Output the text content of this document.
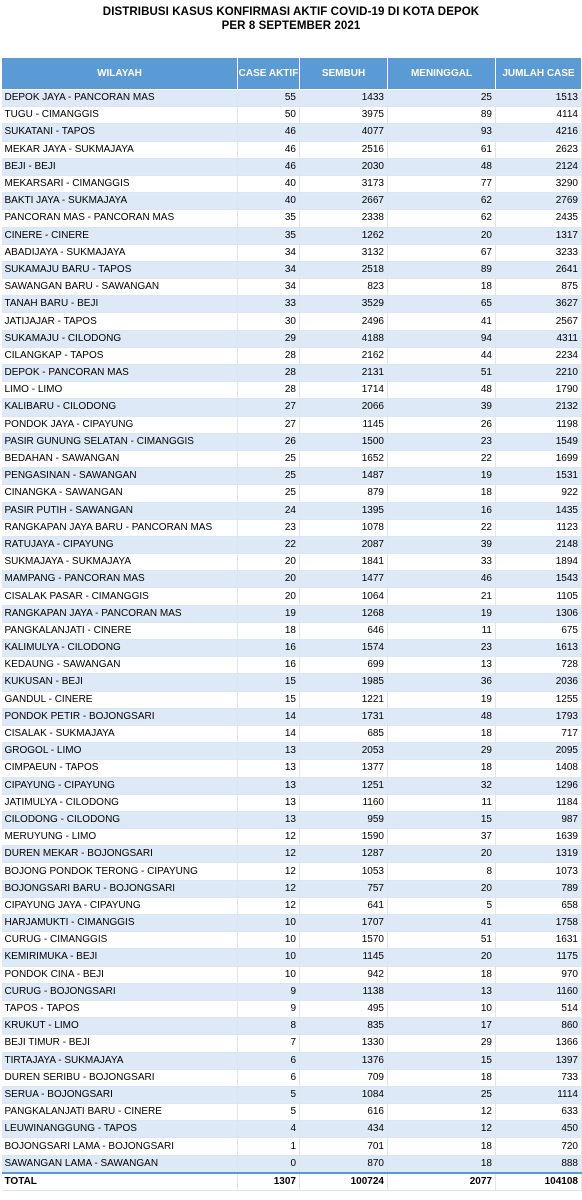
DISTRIBUSI KASUS KONFIRMASI AKTIF COVID-19 DI KOTA DEPOK
PER 8 SEPTEMBER 2021
WILAYAH	CASE AKTIF	SEMBUH	MENINGGAL	JUMLAH CASE
DEPOK JAYA - PANCORAN MAS	55	1433	25	1513
TUGU - CIMANGGIS	50	3975	89	4114
SUKATANI - TAPOS	46	4077	93	4216
MEKAR JAYA - SUKMAJAYA	46	2516	61	2623
BEJI - BEJI	46	2030	48	2124
MEKARSARI - CIMANGGIS	40	3173	77	3290
BAKTI JAYA - SUKMAJAYA	40	2667	62	2769
PANCORAN MAS - PANCORAN MAS	35	2338	62	2435
CINERE - CINERE	35	1262	20	1317
ABADIJAYA - SUKMAJAYA	34	3132	67	3233
SUKAMAJU BARU - TAPOS	34	2518	89	2641
SAWANGAN BARU - SAWANGAN	34	823	18	875
TANAH BARU - BEJI	33	3529	65	3627
JATIJAJAR - TAPOS	30	2496	41	2567
SUKAMAJU - CILODONG	29	4188	94	4311
CILANGKAP - TAPOS	28	2162	44	2234
DEPOK - PANCORAN MAS	28	2131	51	2210
LIMO - LIMO	28	1714	48	1790
KALIBARU - CILODONG	27	2066	39	2132
PONDOK JAYA - CIPAYUNG	27	1145	26	1198
PASIR GUNUNG SELATAN - CIMANGGIS	26	1500	23	1549
BEDAHAN - SAWANGAN	25	1652	22	1699
PENGASINAN - SAWANGAN	25	1487	19	1531
CINANGKA - SAWANGAN	25	879	18	922
PASIR PUTIH - SAWANGAN	24	1395	16	1435
RANGKAPAN JAYA BARU - PANCORAN MAS	23	1078	22	1123
RATUJAYA - CIPAYUNG	22	2087	39	2148
SUKMAJAYA - SUKMAJAYA	20	1841	33	1894
MAMPANG - PANCORAN MAS	20	1477	46	1543
CISALAK PASAR - CIMANGGIS	20	1064	21	1105
RANGKAPAN JAYA - PANCORAN MAS	19	1268	19	1306
PANGKALANJATI - CINERE	18	646	11	675
KALIMULYA - CILODONG	16	1574	23	1613
KEDAUNG - SAWANGAN	16	699	13	728
KUKUSAN - BEJI	15	1985	36	2036
GANDUL - CINERE	15	1221	19	1255
PONDOK PETIR - BOJONGSARI	14	1731	48	1793
CISALAK - SUKMAJAYA	14	685	18	717
GROGOL - LIMO	13	2053	29	2095
CIMPAEUN - TAPOS	13	1377	18	1408
CIPAYUNG - CIPAYUNG	13	1251	32	1296
JATIMULYA - CILODONG	13	1160	11	1184
CILODONG - CILODONG	13	959	15	987
MERUYUNG - LIMO	12	1590	37	1639
DUREN MEKAR - BOJONGSARI	12	1287	20	1319
BOJONG PONDOK TERONG - CIPAYUNG	12	1053	8	1073
BOJONGSARI BARU - BOJONGSARI	12	757	20	789
CIPAYUNG JAYA - CIPAYUNG	12	641	5	658
HARJAMUKTI - CIMANGGIS	10	1707	41	1758
CURUG - CIMANGGIS	10	1570	51	1631
KEMIRIMUKA - BEJI	10	1145	20	1175
PONDOK CINA - BEJI	10	942	18	970
CURUG - BOJONGSARI	9	1138	13	1160
TAPOS - TAPOS	9	495	10	514
KRUKUT - LIMO	8	835	17	860
BEJI TIMUR - BEJI	7	1330	29	1366
TIRTAJAYA - SUKMAJAYA	6	1376	15	1397
DUREN SERIBU - BOJONGSARI	6	709	18	733
SERUA - BOJONGSARI	5	1084	25	1114
PANGKALANJATI BARU - CINERE	5	616	12	633
LEUWINANGGUNG - TAPOS	4	434	12	450
BOJONGSARI LAMA - BOJONGSARI	1	701	18	720
SAWANGAN LAMA - SAWANGAN	0	870	18	888
TOTAL	1307	100724	2077	104108
